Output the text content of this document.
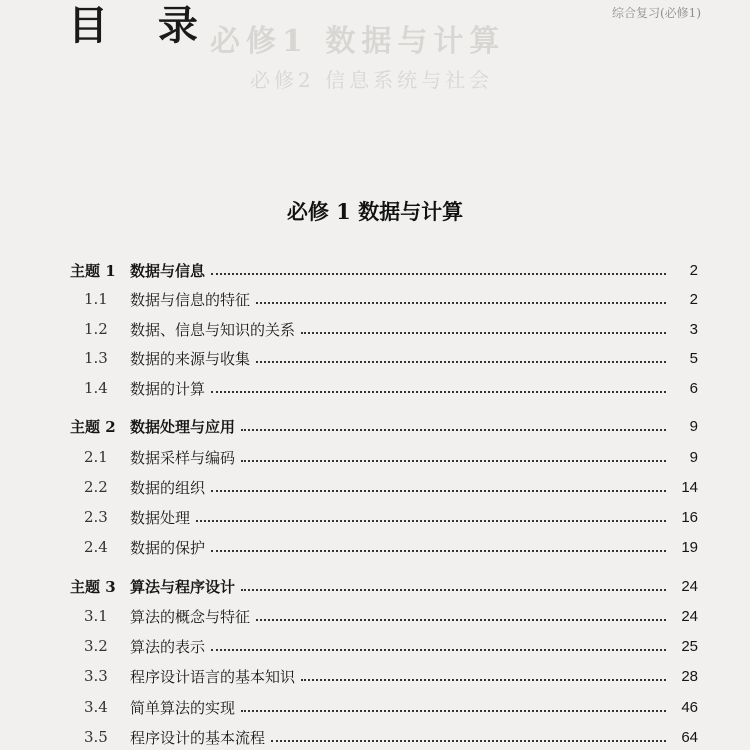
目 录	综合复习(必修1)
必修1 数据与计算
必修2 信息系统与社会
必修 1 数据与计算
主题 1 数据与信息	2
1.1	数据与信息的特征	2
1.2	数据、信息与知识的关系	3
1.3	数据的来源与收集	5
1.4	数据的计算	6
主题 2 数据处理与应用	9
2.1	数据采样与编码	9
2.2	数据的组织	14
2.3	数据处理	16
2.4	数据的保护	19
主题 3 算法与程序设计	24
3.1	算法的概念与特征	24
3.2	算法的表示	25
3.3	程序设计语言的基本知识	28
3.4	简单算法的实现	46
3.5	程序设计的基本流程	64
